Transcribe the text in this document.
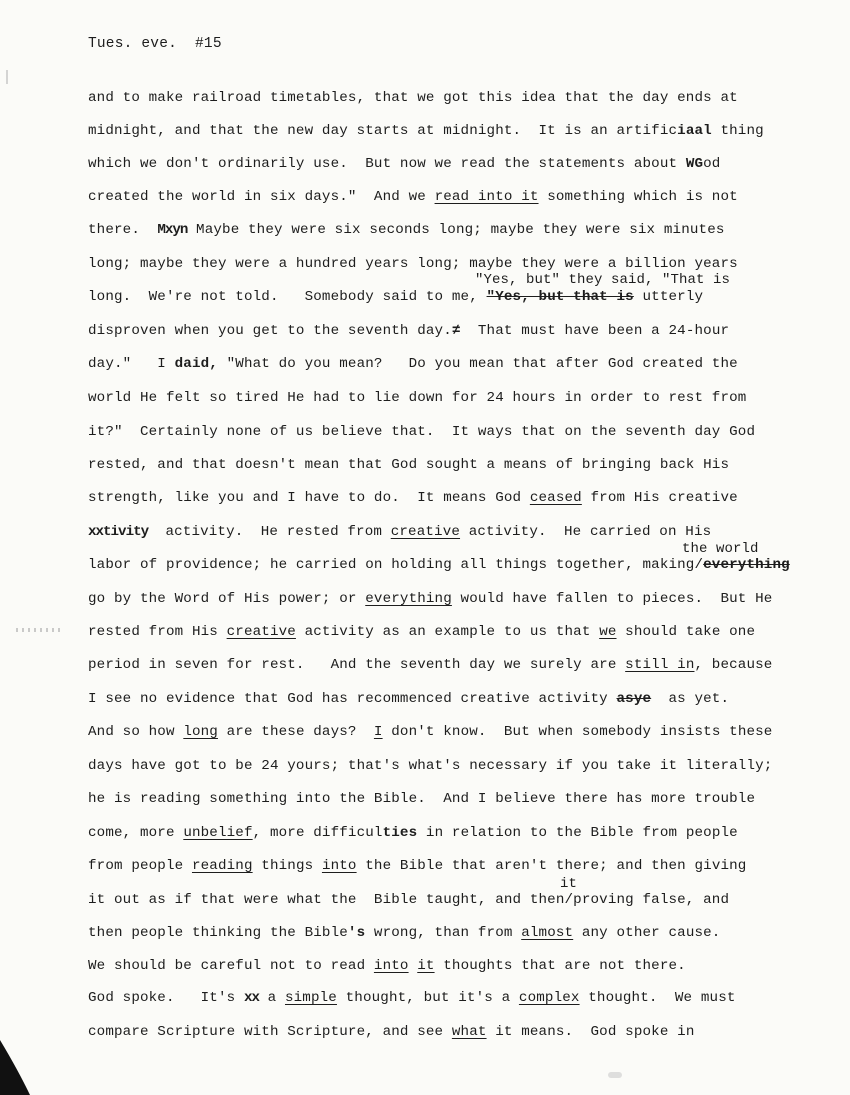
Tues. eve. #15
and to make railroad timetables, that we got this idea that the day ends at
midnight, and that the new day starts at midnight.  It is an artificiaal thing
which we don't ordinarily use.  But now we read the statements about WGod
created the world in six days."  And we read into it something which is not
there.  Mxyn Maybe they were six seconds long; maybe they were six minutes
long; maybe they were a hundred years long; maybe they were a billion years
"Yes, but" they said, "That is
long.  We're not told.   Somebody said to me, "Yes, but that is utterly
disproven when you get to the seventh day.≠  That must have been a 24-hour
day."   I daid, "What do you mean?   Do you mean that after God created the
world He felt so tired He had to lie down for 24 hours in order to rest from
it?"  Certainly none of us believe that.  It ways that on the seventh day God
rested, and that doesn't mean that God sought a means of bringing back His
strength, like you and I have to do.  It means God ceased from His creative
xxtivity  activity.  He rested from creative activity.  He carried on His
the world
labor of providence; he carried on holding all things together, making/everything
go by the Word of His power; or everything would have fallen to pieces.  But He
rested from His creative activity as an example to us that we should take one
period in seven for rest.   And the seventh day we surely are still in, because
I see no evidence that God has recommenced creative activity asye  as yet.
And so how long are these days?  I don't know.  But when somebody insists these
days have got to be 24 yours; that's what's necessary if you take it literally;
he is reading something into the Bible.  And I believe there has more trouble
come, more unbelief, more difficulties in relation to the Bible from people
from people reading things into the Bible that aren't there; and then giving
it
it out as if that were what the  Bible taught, and then/proving false, and
then people thinking the Bible's wrong, than from almost any other cause.
We should be careful not to read into it thoughts that are not there.
God spoke.   It's xx a simple thought, but it's a complex thought.  We must
compare Scripture with Scripture, and see what it means.  God spoke in
